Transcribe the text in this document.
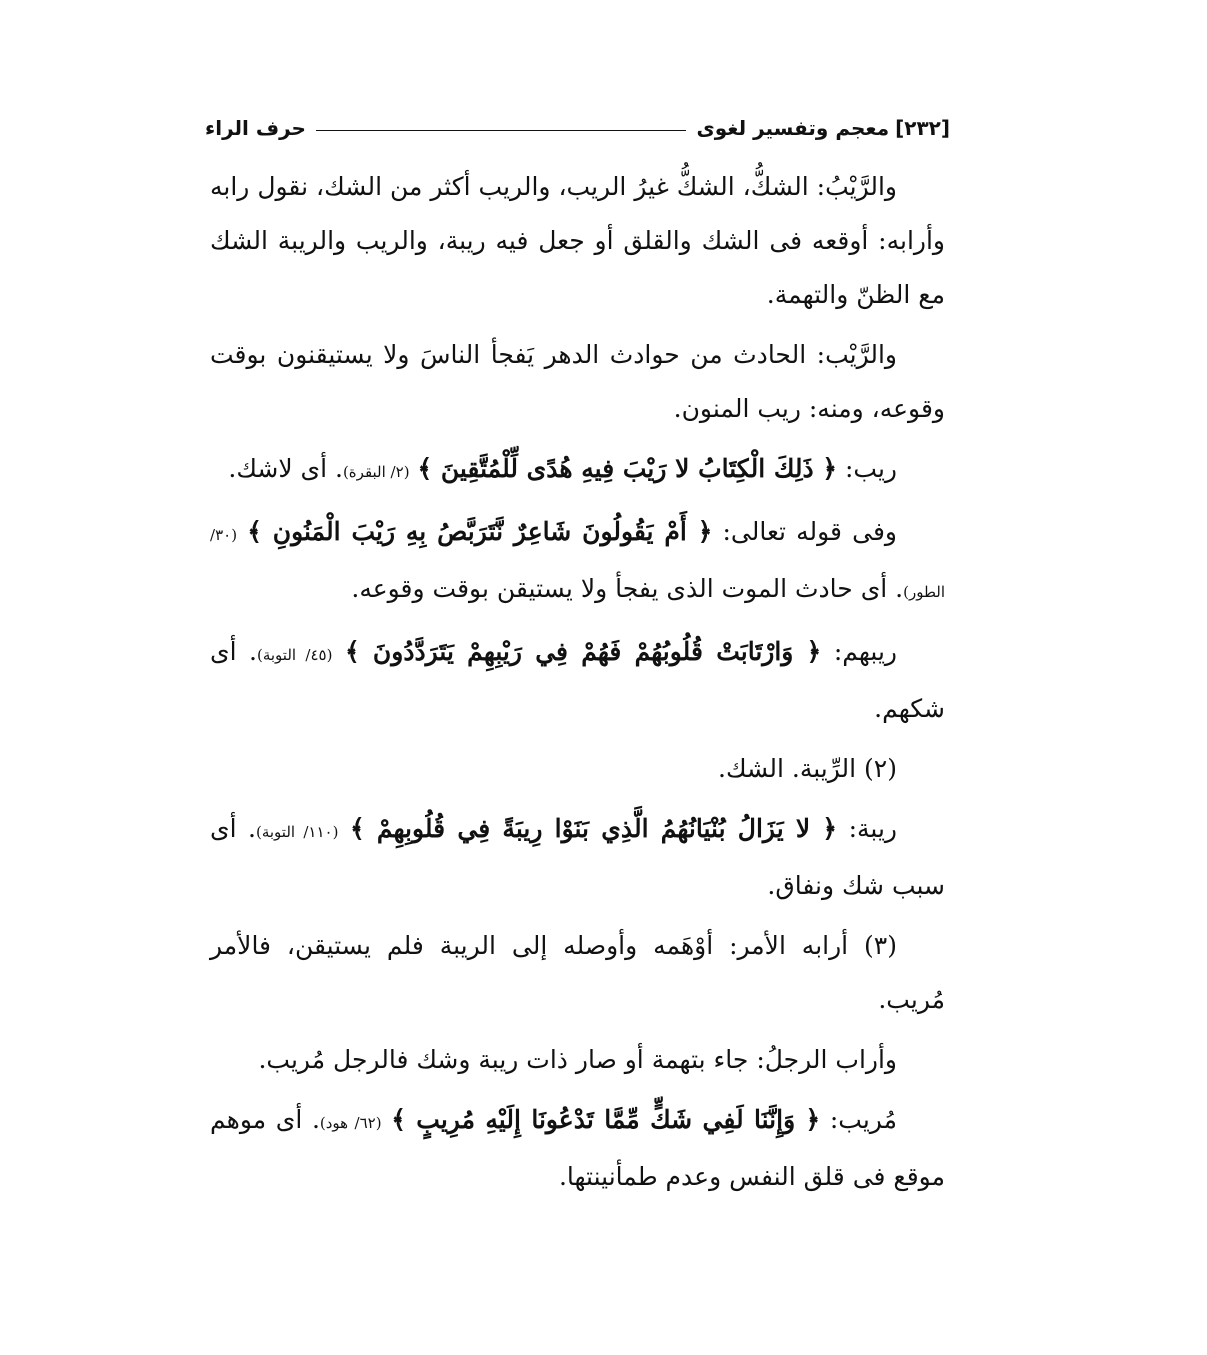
[٢٣٢]
معجم وتفسير لغوى
حرف الراء

والرَّيْبُ: الشكُّ، الشكُّ غيرُ الريب، والريب أكثر من الشك، نقول رابه وأرابه: أوقعه فى الشك والقلق أو جعل فيه ريبة، والريب والريبة الشك مع الظنّ والتهمة.

والرَّيْب: الحادث من حوادث الدهر يَفجأ الناسَ ولا يستيقنون بوقت وقوعه، ومنه: ريب المنون.

ريب: ﴿ ذَلِكَ الْكِتَابُ لا رَيْبَ فِيهِ هُدًى لِّلْمُتَّقِينَ ﴾ (٢/ البقرة). أى لاشك.

وفى قوله تعالى: ﴿ أَمْ يَقُولُونَ شَاعِرٌ نَّتَرَبَّصُ بِهِ رَيْبَ الْمَنُونِ ﴾ (٣٠/ الطور). أى حادث الموت الذى يفجأ ولا يستيقن بوقت وقوعه.

ريبهم: ﴿ وَارْتَابَتْ قُلُوبُهُمْ فَهُمْ فِي رَيْبِهِمْ يَتَرَدَّدُونَ ﴾ (٤٥/ التوبة). أى شكهم.

(٢) الرِّيبة. الشك.

ريبة: ﴿ لا يَزَالُ بُنْيَانُهُمُ الَّذِي بَنَوْا رِيبَةً فِي قُلُوبِهِمْ ﴾ (١١٠/ التوبة). أى سبب شك ونفاق.

(٣) أرابه الأمر: أوْهَمه وأوصله إلى الريبة فلم يستيقن، فالأمر مُريب.

وأراب الرجلُ: جاء بتهمة أو صار ذات ريبة وشك فالرجل مُريب.

مُريب: ﴿ وَإِنَّنَا لَفِي شَكٍّ مِّمَّا تَدْعُونَا إِلَيْهِ مُرِيبٍ ﴾ (٦٢/ هود). أى موهم موقع فى قلق النفس وعدم طمأنينتها.
